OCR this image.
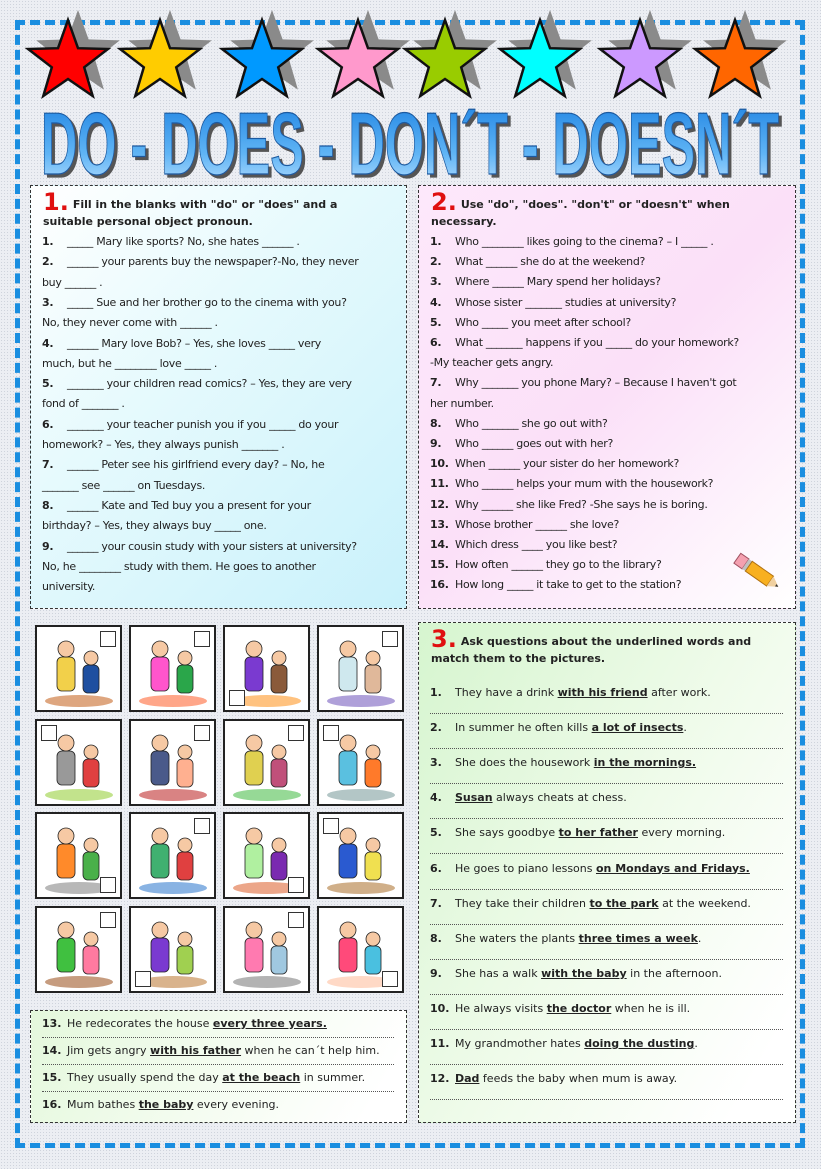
DO - DOES - DON´T - DOESN´T
1. Fill in the blanks with "do" or "does" and a
suitable personal object pronoun.
1. _____ Mary like sports? No, she hates ______ .
2. ______ your parents buy the newspaper?-No, they never
buy ______ .
3. _____ Sue and her brother go to the cinema with you?
No, they never come with ______ .
4. ______ Mary love Bob? – Yes, she loves _____ very
much, but he ________ love _____ .
5. _______ your children read comics? – Yes, they are very
fond of _______ .
6. _______ your teacher punish you if you _____ do your
homework? – Yes, they always punish _______ .
7. ______ Peter see his girlfriend every day? – No, he
_______ see ______ on Tuesdays.
8. ______ Kate and Ted buy you a present for your
birthday? – Yes, they always buy _____ one.
9. ______ your cousin study with your sisters at university?
No, he ________ study with them. He goes to another
university.
2. Use "do", "does". "don't" or "doesn't" when
necessary.
1. Who ________ likes going to the cinema? – I _____ .
2. What ______ she do at the weekend?
3. Where ______ Mary spend her holidays?
4. Whose sister _______ studies at university?
5. Who _____ you meet after school?
6. What _______ happens if you _____ do your homework?
-My teacher gets angry.
7. Why _______ you phone Mary? – Because I haven't got
her number.
8. Who _______ she go out with?
9. Who ______ goes out with her?
10. When ______ your sister do her homework?
11. Who ______ helps your mum with the housework?
12. Why ______ she like Fred? -She says he is boring.
13. Whose brother ______ she love?
14. Which dress ____ you like best?
15. How often ______ they go to the library?
16. How long _____ it take to get to the station?
3. Ask questions about the underlined words and
match them to the pictures.
1. They have a drink with his friend after work.
2. In summer he often kills a lot of insects.
3. She does the housework in the mornings.
4. Susan always cheats at chess.
5. She says goodbye to her father every morning.
6. He goes to piano lessons on Mondays and Fridays.
7. They take their children to the park at the weekend.
8. She waters the plants three times a week.
9. She has a walk with the baby in the afternoon.
10. He always visits the doctor when he is ill.
11. My grandmother hates doing the dusting.
12. Dad feeds the baby when mum is away.
13. He redecorates the house every three years.
14. Jim gets angry with his father when he can´t help him.
15. They usually spend the day at the beach in summer.
16. Mum bathes the baby every evening.
